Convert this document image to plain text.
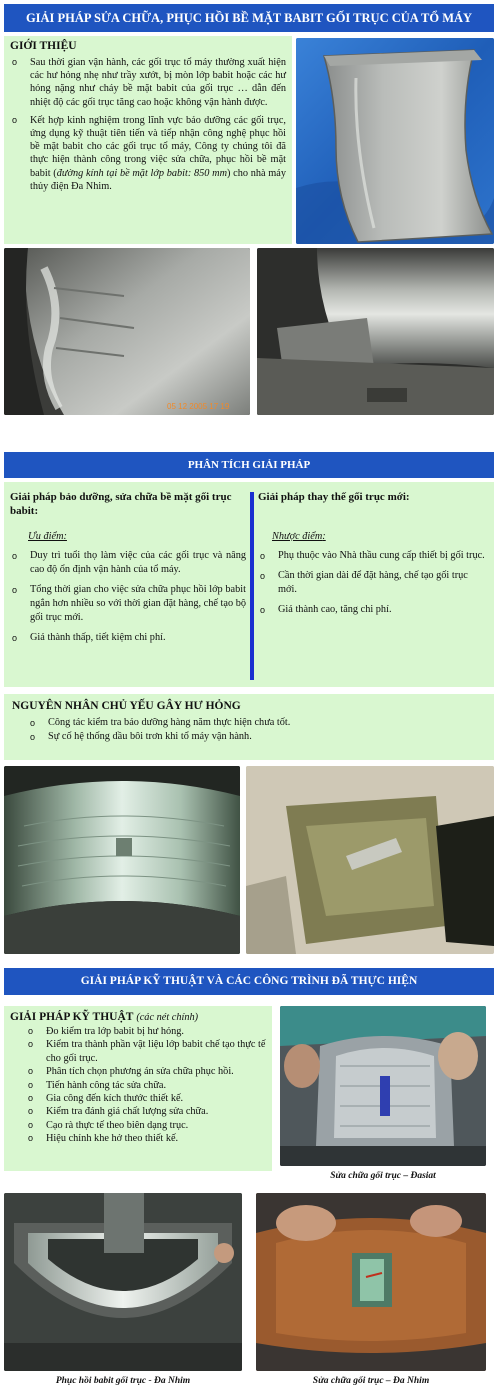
GIẢI PHÁP SỬA CHỮA, PHỤC HỒI BỀ MẶT BABIT GỐI TRỤC CỦA TỔ MÁY
GIỚI THIỆU
o Sau thời gian vận hành, các gối trục tổ máy thường xuất hiện các hư hỏng nhẹ như trầy xướt, bị mòn lớp babit hoặc các hư hỏng nặng như cháy bề mặt babit của gối trục … dẫn đến nhiệt độ các gối trục tăng cao hoặc không vận hành được.
o Kết hợp kinh nghiệm trong lĩnh vực bảo dưỡng các gối trục, ứng dụng kỹ thuật tiên tiến và tiếp nhận công nghệ phục hồi bề mặt babit cho các gối trục tổ máy, Công ty chúng tôi đã thực hiện thành công trong việc sửa chữa, phục hồi bề mặt babit (đường kính tại bề mặt lớp babit: 850 mm) cho nhà máy thủy điện Đa Nhim.
05 12 2005 17 19
PHÂN TÍCH GIẢI PHÁP
Giải pháp bảo dưỡng, sửa chữa bề mặt gối trục babit:
Ưu điểm:
o Duy trì tuổi thọ làm việc của các gối trục và nâng cao độ ổn định vận hành của tổ máy.
o Tổng thời gian cho việc sửa chữa phục hồi lớp babit ngắn hơn nhiều so với thời gian đặt hàng, chế tạo bộ gối trục mới.
o Giá thành thấp, tiết kiệm chi phí.
Giải pháp thay thế gối trục mới:
Nhược điểm:
o Phụ thuộc vào Nhà thầu cung cấp thiết bị gối trục.
o Cần thời gian dài để đặt hàng, chế tạo gối trục mới.
o Giá thành cao, tăng chi phí.
NGUYÊN NHÂN CHỦ YẾU GÂY HƯ HỎNG
o Công tác kiểm tra bảo dưỡng hàng năm thực hiện chưa tốt.
o Sự cố hệ thống dầu bôi trơn khi tổ máy vận hành.
GIẢI PHÁP KỸ THUẬT VÀ CÁC CÔNG TRÌNH ĐÃ THỰC HIỆN
GIẢI PHÁP KỸ THUẬT (các nét chính)
o Đo kiểm tra lớp babit bị hư hỏng.
o Kiểm tra thành phần vật liệu lớp babit chế tạo thực tế cho gối trục.
o Phân tích chọn phương án sửa chữa phục hồi.
o Tiến hành công tác sửa chữa.
o Gia công đến kích thước thiết kế.
o Kiểm tra đánh giá chất lượng sửa chữa.
o Cạo rà thực tế theo biên dạng trục.
o Hiệu chỉnh khe hở theo thiết kế.
Sửa chữa gối trục – Đasiat
Phục hồi babit gối trục - Đa Nhim	Sửa chữa gối trục – Đa Nhim
